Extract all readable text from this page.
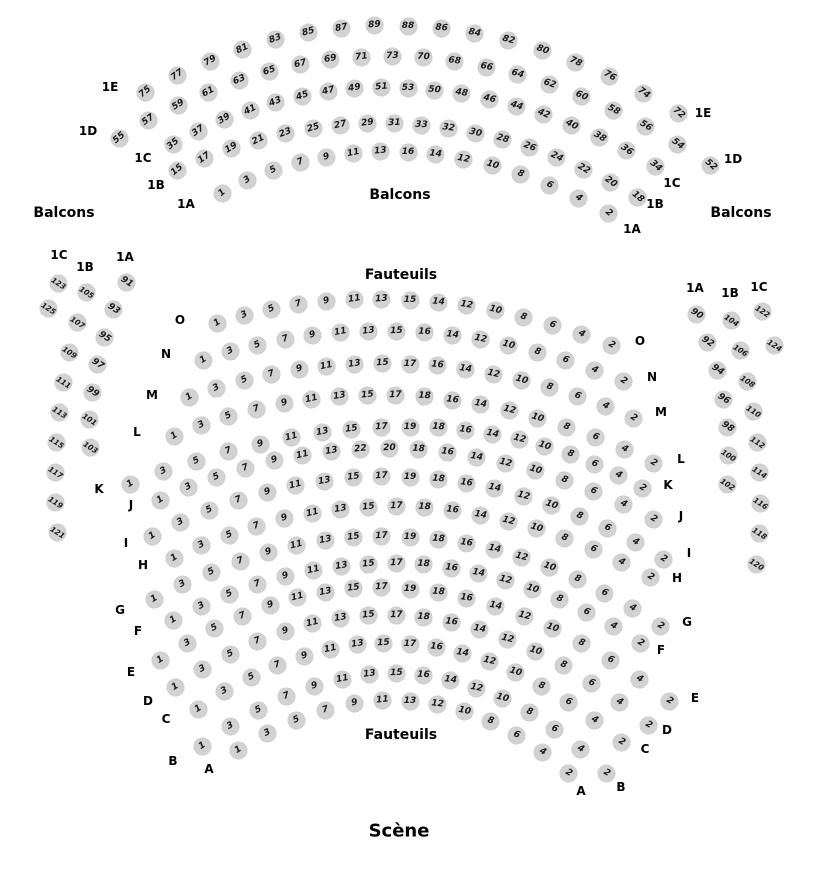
Balcons
Balcons
Balcons
Fauteuils
Fauteuils
Scène
75
77
79
81
83
85	87	89 88 86	84
82
80
78
76
74
72
1E
1E
55
57
59
61
63
65
67	69	71 73 70 68	66
64
62
60
58
56
54
52
1D
1D
35
37
39
41
43	45	47	49	51 53 50	48	46
44
42
40
38
36
34
1C
1C
15
17
19
21	23	25	27	29	31 33	32	30	28
26
24
22
20
18
1B
1B
1
3
5
7
9	11	13 16 14	12
10
8
6
4
2
1A
1A
123
125
1C
105
107
109
111
113
115
117
119
121
1B
91
93
95
97
99
101
103
1A
90
92
94
96
98
100
102
1A
104
106
108
110
112
114
116
118
120
1B
122
124
1C
1
3
5	7	9	11	13 15 14	12	10
8
6
4
2
O
O
1
3
5	7	9	11	13 15 16 14	12	10
8
6
4
2
N
N
1
3
5
7	9	11	13	15 17 16	14	12	10
8
6
4
2
M
M
1
3
5
7
9	11	13	15 17 18 16	14	12
10
8
6
4
2
L
L
1
3
5
7
9	11	13	15	17 19 18	16	14	12
10
8
6
4
2
K	K
1
3
5
7
9	11	13	22 20 18 16	14	12
10
8
6
4
2
J
J
1
3
5
7
9
11	13	15	17 19 18	16	14
12
10
8
6
4
2
I
I
1
3
5
7
9	11	13	15 17 18 16	14	12
10
8
6
4
2
H
H
1
3
5
7
9
11	13	15	17 19 18	16
14
12
10
8
6
4
2
G
G
1
3
5
7
9	11	13	15 17 18 16	14
12
10
8
6
4
2
F
F
1
3
5
7
9
11	13	15	17 19 18	16
14
12
10
8
6
4
2
E
E
1
3
5
7
9
11	13	15 17 18 16
14
12
10
8
6
4
2
D
D
1
3
5
7
9
11	13	15 17 16
14
12
10
8
6
4
2
C
C
1
3
5
7
9
11	13 15 16 14
12
10
8
6
4
2
B
B
1
3
5
7
9	11 13 12
10
8
6
4
2
A
A
